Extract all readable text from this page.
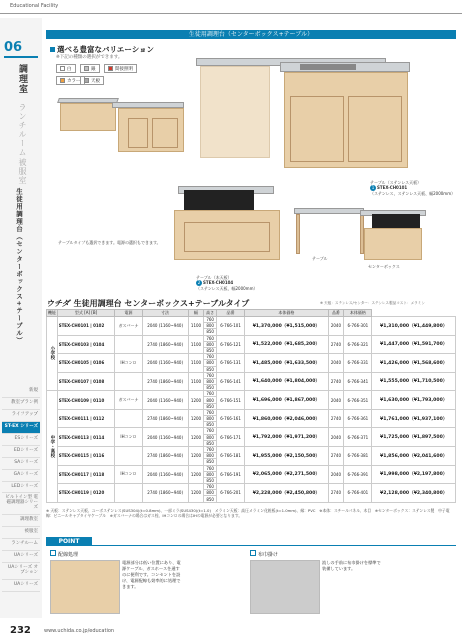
Educational Facility
06
調理室
ランチルーム
被服室
生徒用調理台（センターボックス+テーブル）
新規
教室プラン例
ライフアップ
ST-EX シリーズ
ESシリーズ
EDシリーズ
SAシリーズ
GAシリーズ
LEDシリーズ
ビルトイン型 電磁調理器シリーズ
調理教室
被服室
ランチルーム
UAシリーズ
UAシリーズ オプション
UAシリーズ
生徒用調理台（センターボックス+テーブル）
選べる豊富なバリエーション
※下記の種類の選択ができます。
白	銀	間接照明
カラー 天板
テーブル（ステンレス天板）
1 STEX-CH0101
（ステンレス、ステンレス天板、幅2000mm）
テーブルタイプも選択できます。電源の選択もできます。
テーブル（木天板）
2 STEX-CH0104
（ステンレス天板、幅2000mm）
テーブル
センターボックス
ウチダ 生徒用調理台 センターボックス+テーブルタイプ	※ 天板：ステンレス/センター：ステンレス製品コスト：メラミン
機能	型式 [A] [B]	電源	寸法	幅	高さ	品番	本体価格	品番	本体価格	
小学校	STEX-CH0101 | 0102	ガスバーナ	2040 (1160~940)	1100	760	6-766-101	¥1,370,000（¥1,515,000）	2040	6-766-301	¥1,310,000（¥1,449,800）
					800					
					850					
	STEX-CH0103 | 0104		2740 (1860~940)	1100	760	6-766-121	¥1,522,000（¥1,685,200）	2740	6-766-321	¥1,447,000（¥1,591,700）
					800					
					850					
	STEX-CH0105 | 0106	IHコンロ	2040 (1160~940)	1100	760	6-766-131	¥1,485,000（¥1,633,500）	2040	6-766-331	¥1,426,000（¥1,568,600）
					800					
					850					
	STEX-CH0107 | 0108		2740 (1860~940)	1100	760	6-766-141	¥1,640,000（¥1,804,000）	2740	6-766-341	¥1,555,000（¥1,710,500）
					800					
					850					
中学・高校	STEX-CH0109 | 0110	ガスバーナ	2040 (1160~940)	1200	760	6-766-151	¥1,696,000（¥1,867,000）	2040	6-766-351	¥1,630,000（¥1,793,000）
					800					
					850					
	STEX-CH0111 | 0112		2740 (1860~940)	1200	760	6-766-161	¥1,860,000（¥2,046,000）	2740	6-766-361	¥1,761,000（¥1,937,100）
					800					
					850					
	STEX-CH0113 | 0114	IHコンロ	2040 (1160~940)	1200	760	6-766-171	¥1,792,000（¥1,971,200）	2040	6-766-371	¥1,725,000（¥1,897,500）
					800					
					850					
	STEX-CH0115 | 0116		2740 (1860~940)	1200	760	6-766-181	¥1,955,000（¥2,150,500）	2740	6-766-381	¥1,856,000（¥2,041,600）
					800					
					850					
	STEX-CH0117 | 0118	IHコンロ	2040 (1160~940)	1200	760	6-766-191	¥2,065,000（¥2,271,500）	2040	6-766-391	¥1,998,000（¥2,197,800）
					800					
					850					
	STEX-CH0119 | 0120		2740 (1860~940)	1200	760	6-766-201	¥2,228,000（¥2,450,800）	2740	6-766-401	¥2,128,000（¥2,340,800）
					800					
					850					
※ 天板：ステンレス天板、ユーボステンレス(SUS304)(t=0.8mm)、一部ミラ(SUS430)(t=1.0)　メラミン天板：高圧メラミン化粧板(t=1.0mm)、縁：PVC　※本体：スチールパネル、木目　※センターボックス：ステンレス製　中子電線：ビニールキャブタイヤケーブル　※ガスバーナの場合はガス栓、IHコンロの場合はIHの電源が必要となります。
POINT
配線処理
電源部分は低い位置にあり、電源ケーブル、ガスホースを通すのに便利です。コンセントを設け、電源配線も効率的に処理できます。
布巾掛け
流しの手前に布巾掛けを標準で装備しています。
232	www.uchida.co.jp/education
